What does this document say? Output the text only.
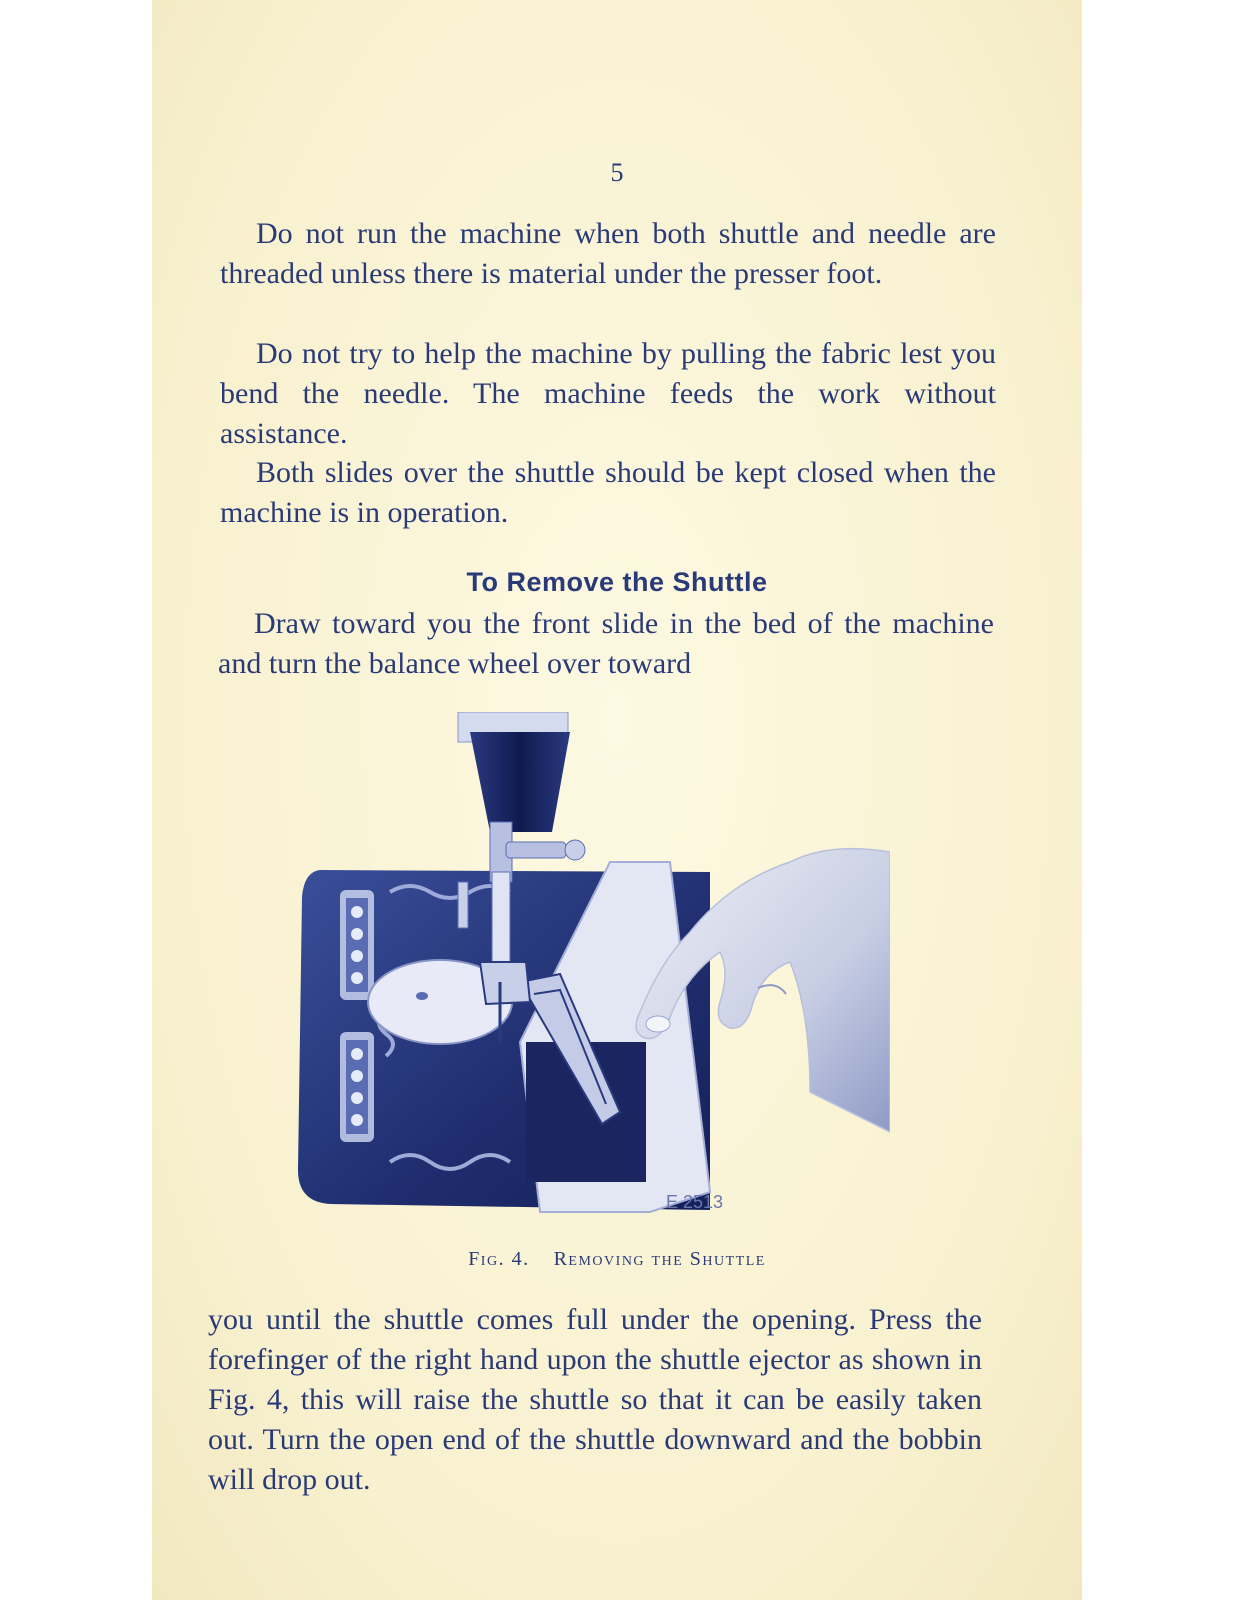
5

Do not run the machine when both shuttle and needle are threaded unless there is material under the presser foot.

Do not try to help the machine by pulling the fabric lest you bend the needle. The machine feeds the work without assistance.

Both slides over the shuttle should be kept closed when the machine is in operation.

To Remove the Shuttle

Draw toward you the front slide in the bed of the machine and turn the balance wheel over toward

E 2513

Fig. 4. Removing the Shuttle

you until the shuttle comes full under the opening. Press the forefinger of the right hand upon the shuttle ejector as shown in Fig. 4, this will raise the shuttle so that it can be easily taken out. Turn the open end of the shuttle downward and the bobbin will drop out.
